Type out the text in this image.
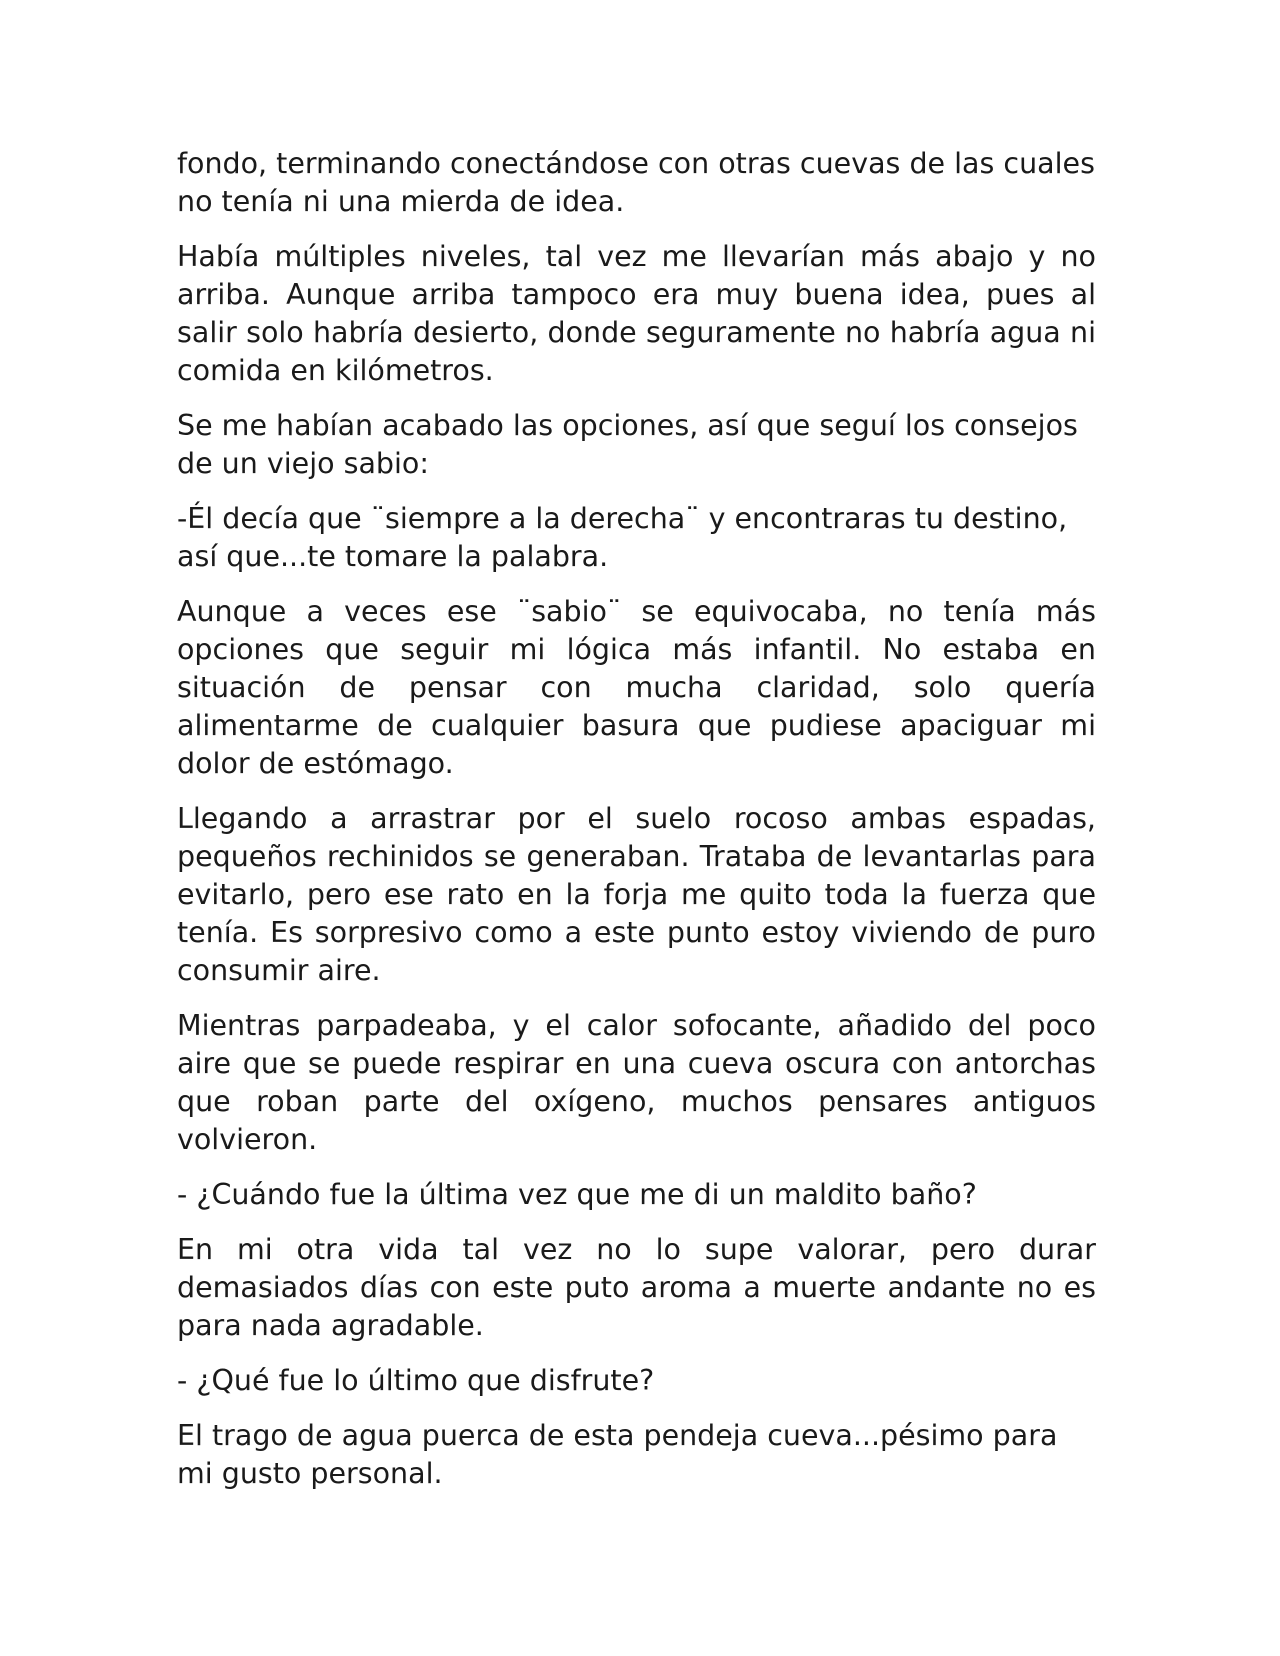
fondo, terminando conectándose con otras cuevas de las cuales no tenía ni una mierda de idea.

Había múltiples niveles, tal vez me llevarían más abajo y no arriba. Aunque arriba tampoco era muy buena idea, pues al salir solo habría desierto, donde seguramente no habría agua ni comida en kilómetros.

Se me habían acabado las opciones, así que seguí los consejos de un viejo sabio:

-Él decía que ¨siempre a la derecha¨ y encontraras tu destino, así que...te tomare la palabra.

Aunque a veces ese ¨sabio¨ se equivocaba, no tenía más opciones que seguir mi lógica más infantil. No estaba en situación de pensar con mucha claridad, solo quería alimentarme de cualquier basura que pudiese apaciguar mi dolor de estómago.

Llegando a arrastrar por el suelo rocoso ambas espadas, pequeños rechinidos se generaban. Trataba de levantarlas para evitarlo, pero ese rato en la forja me quito toda la fuerza que tenía. Es sorpresivo como a este punto estoy viviendo de puro consumir aire.

Mientras parpadeaba, y el calor sofocante, añadido del poco aire que se puede respirar en una cueva oscura con antorchas que roban parte del oxígeno, muchos pensares antiguos volvieron.

- ¿Cuándo fue la última vez que me di un maldito baño?

En mi otra vida tal vez no lo supe valorar, pero durar demasiados días con este puto aroma a muerte andante no es para nada agradable.

- ¿Qué fue lo último que disfrute?

El trago de agua puerca de esta pendeja cueva...pésimo para mi gusto personal.
